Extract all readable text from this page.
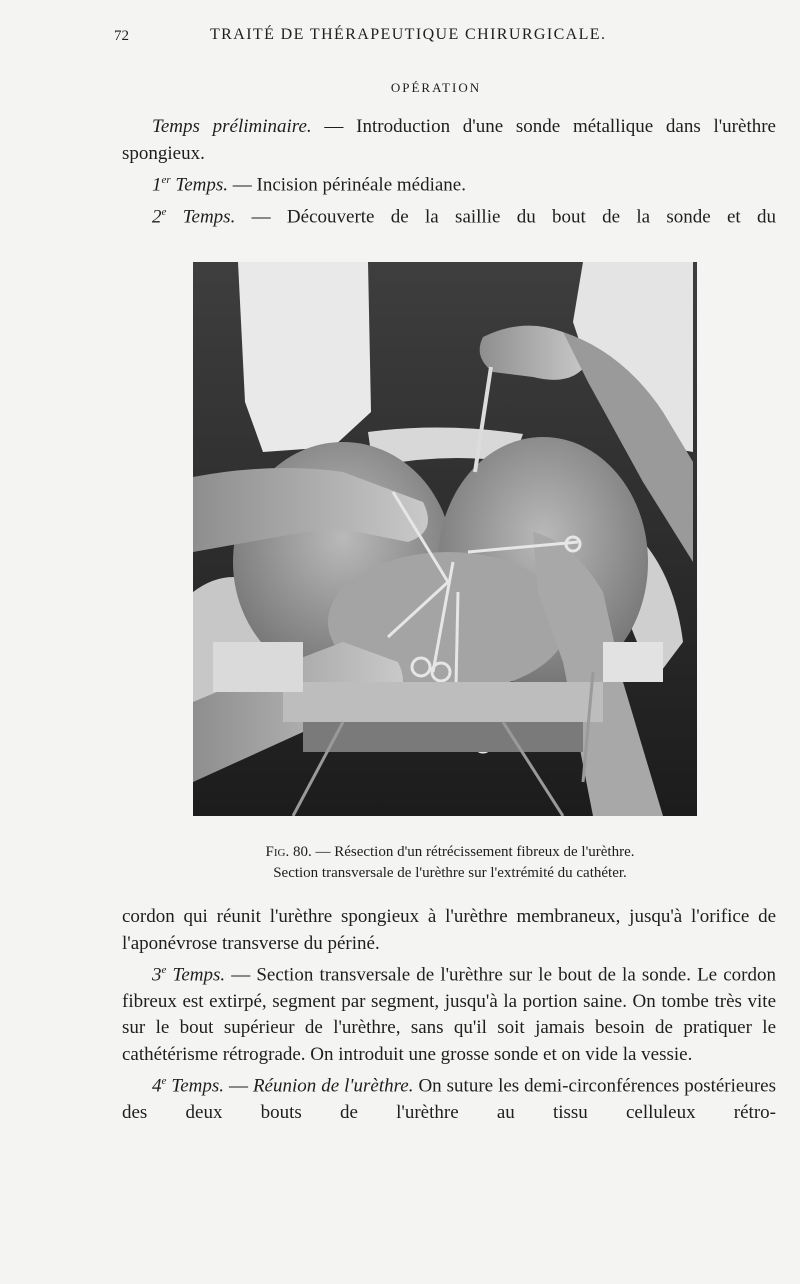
72	TRAITÉ DE THÉRAPEUTIQUE CHIRURGICALE.
OPÉRATION

Temps préliminaire. — Introduction d'une sonde métallique dans l'urèthre spongieux.

1er Temps. — Incision périnéale médiane.

2e Temps. — Découverte de la saillie du bout de la sonde et du

Fig. 80. — Résection d'un rétrécissement fibreux de l'urèthre.
Section transversale de l'urèthre sur l'extrémité du cathéter.

cordon qui réunit l'urèthre spongieux à l'urèthre membraneux, jusqu'à l'orifice de l'aponévrose transverse du périné.

3e Temps. — Section transversale de l'urèthre sur le bout de la sonde. Le cordon fibreux est extirpé, segment par segment, jusqu'à la portion saine. On tombe très vite sur le bout supérieur de l'urèthre, sans qu'il soit jamais besoin de pratiquer le cathétérisme rétrograde. On introduit une grosse sonde et on vide la vessie.

4e Temps. — Réunion de l'urèthre. On suture les demi-circonférences postérieures des deux bouts de l'urèthre au tissu celluleux rétro-
